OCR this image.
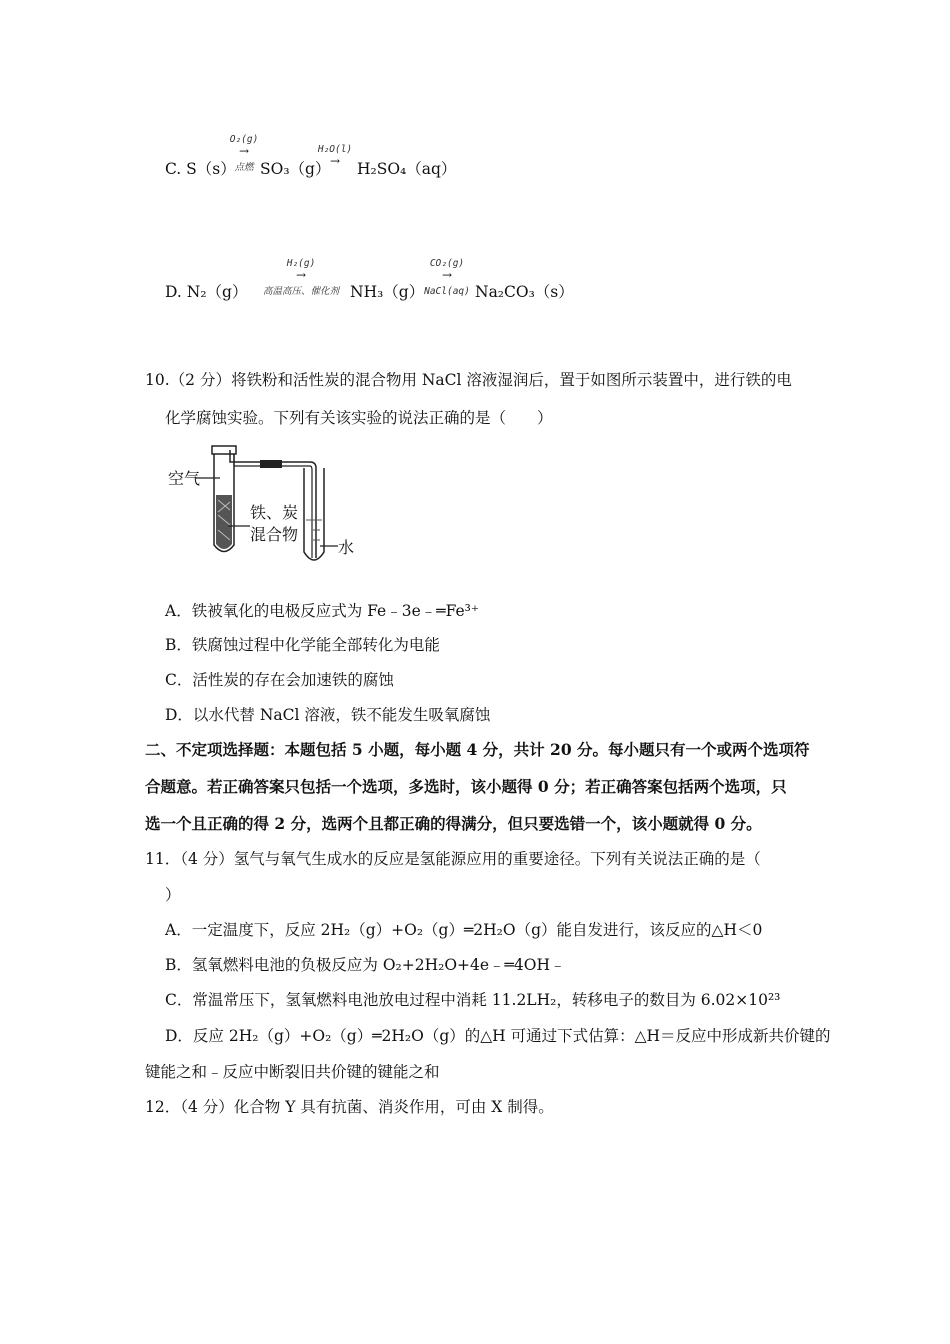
C. S（s）
O₂(g)
→
点燃 SO₃（g）
H₂O(l)
→	H₂SO₄（aq）
D. N₂（g）
H₂(g)
→
高温高压、催化剂 NH₃（g）
CO₂(g)
→
NaCl(aq) Na₂CO₃（s）
10.（2 分）将铁粉和活性炭的混合物用 NaCl 溶液湿润后，置于如图所示装置中，进行铁的电
化学腐蚀实验。下列有关该实验的说法正确的是（　　）
空气
铁、炭
混合物
水
A．铁被氧化的电极反应式为 Fe﹣3e﹣═Fe³⁺
B．铁腐蚀过程中化学能全部转化为电能
C．活性炭的存在会加速铁的腐蚀
D．以水代替 NaCl 溶液，铁不能发生吸氧腐蚀
二、不定项选择题：本题包括 5 小题，每小题 4 分，共计 20 分。每小题只有一个或两个选项符
合题意。若正确答案只包括一个选项，多选时，该小题得 0 分；若正确答案包括两个选项，只
选一个且正确的得 2 分，选两个且都正确的得满分，但只要选错一个，该小题就得 0 分。
11．（4 分）氢气与氧气生成水的反应是氢能源应用的重要途径。下列有关说法正确的是（
）
A．一定温度下，反应 2H₂（g）+O₂（g）═2H₂O（g）能自发进行，该反应的△H＜0
B．氢氧燃料电池的负极反应为 O₂+2H₂O+4e﹣═4OH﹣
C．常温常压下，氢氧燃料电池放电过程中消耗 11.2LH₂，转移电子的数目为 6.02×10²³
D．反应 2H₂（g）+O₂（g）═2H₂O（g）的△H 可通过下式估算：△H＝反应中形成新共价键的
键能之和﹣反应中断裂旧共价键的键能之和
12．（4 分）化合物 Y 具有抗菌、消炎作用，可由 X 制得。
